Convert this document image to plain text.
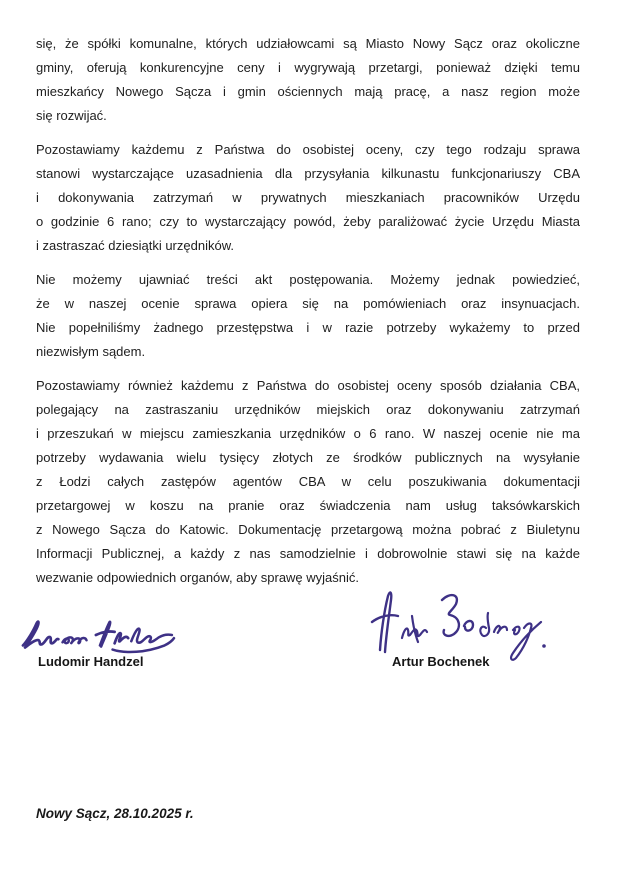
się, że spółki komunalne, których udziałowcami są Miasto Nowy Sącz oraz okoliczne
gminy, oferują konkurencyjne ceny i wygrywają przetargi, ponieważ dzięki temu
mieszkańcy Nowego Sącza i gmin ościennych mają pracę, a nasz region może
się rozwijać.
Pozostawiamy każdemu z Państwa do osobistej oceny, czy tego rodzaju sprawa
stanowi wystarczające uzasadnienia dla przysyłania kilkunastu funkcjonariuszy CBA
i dokonywania zatrzymań w prywatnych mieszkaniach pracowników Urzędu
o godzinie 6 rano; czy to wystarczający powód, żeby paraliżować życie Urzędu Miasta
i zastraszać dziesiątki urzędników.
Nie możemy ujawniać treści akt postępowania. Możemy jednak powiedzieć,
że w naszej ocenie sprawa opiera się na pomówieniach oraz insynuacjach.
Nie popełniliśmy żadnego przestępstwa i w razie potrzeby wykażemy to przed
niezwisłym sądem.
Pozostawiamy również każdemu z Państwa do osobistej oceny sposób działania CBA,
polegający na zastraszaniu urzędników miejskich oraz dokonywaniu zatrzymań
i przeszukań w miejscu zamieszkania urzędników o 6 rano. W naszej ocenie nie ma
potrzeby wydawania wielu tysięcy złotych ze środków publicznych na wysyłanie
z Łodzi całych zastępów agentów CBA w celu poszukiwania dokumentacji
przetargowej w koszu na pranie oraz świadczenia nam usług taksówkarskich
z Nowego Sącza do Katowic. Dokumentację przetargową można pobrać z Biuletynu
Informacji Publicznej, a każdy z nas samodzielnie i dobrowolnie stawi się na każde
wezwanie odpowiednich organów, aby sprawę wyjaśnić.
Ludomir Handzel	Artur Bochenek
Nowy Sącz, 28.10.2025 r.
